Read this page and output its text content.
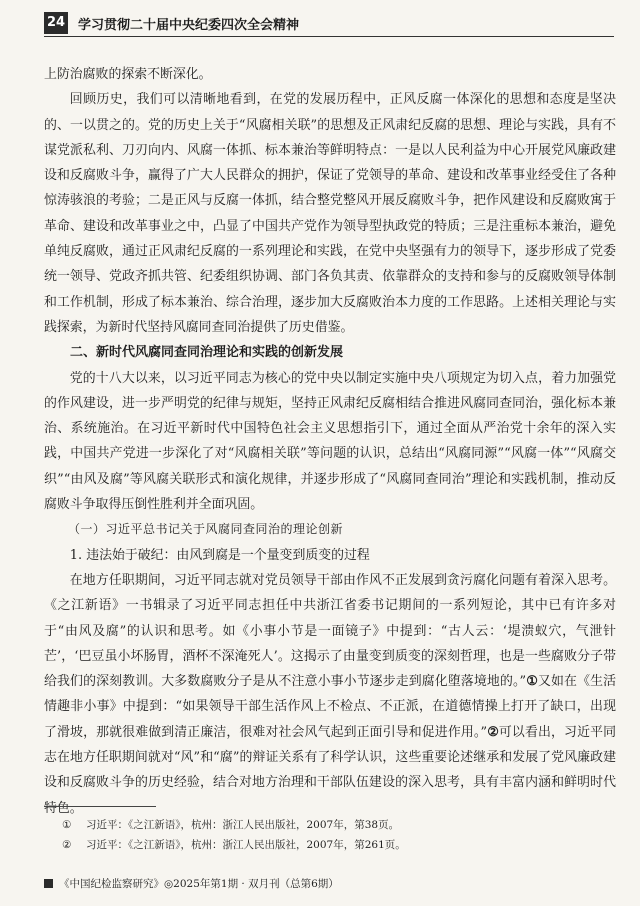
24 学习贯彻二十届中央纪委四次全会精神

上防治腐败的探索不断深化。

回顾历史，我们可以清晰地看到，在党的发展历程中，正风反腐一体深化的思想和态度是坚决的、一以贯之的。党的历史上关于“风腐相关联”的思想及正风肃纪反腐的思想、理论与实践，具有不谋党派私利、刀刃向内、风腐一体抓、标本兼治等鲜明特点：一是以人民利益为中心开展党风廉政建设和反腐败斗争，赢得了广大人民群众的拥护，保证了党领导的革命、建设和改革事业经受住了各种惊涛骇浪的考验；二是正风与反腐一体抓，结合整党整风开展反腐败斗争，把作风建设和反腐败寓于革命、建设和改革事业之中，凸显了中国共产党作为领导型执政党的特质；三是注重标本兼治，避免单纯反腐败，通过正风肃纪反腐的一系列理论和实践，在党中央坚强有力的领导下，逐步形成了党委统一领导、党政齐抓共管、纪委组织协调、部门各负其责、依靠群众的支持和参与的反腐败领导体制和工作机制，形成了标本兼治、综合治理，逐步加大反腐败治本力度的工作思路。上述相关理论与实践探索，为新时代坚持风腐同查同治提供了历史借鉴。

二、新时代风腐同查同治理论和实践的创新发展

党的十八大以来，以习近平同志为核心的党中央以制定实施中央八项规定为切入点，着力加强党的作风建设，进一步严明党的纪律与规矩，坚持正风肃纪反腐相结合推进风腐同查同治，强化标本兼治、系统施治。在习近平新时代中国特色社会主义思想指引下，通过全面从严治党十余年的深入实践，中国共产党进一步深化了对“风腐相关联”等问题的认识，总结出“风腐同源”“风腐一体”“风腐交织”“由风及腐”等风腐关联形式和演化规律，并逐步形成了“风腐同查同治”理论和实践机制，推动反腐败斗争取得压倒性胜利并全面巩固。

（一）习近平总书记关于风腐同查同治的理论创新

1. 违法始于破纪：由风到腐是一个量变到质变的过程

在地方任职期间，习近平同志就对党员领导干部由作风不正发展到贪污腐化问题有着深入思考。《之江新语》一书辑录了习近平同志担任中共浙江省委书记期间的一系列短论，其中已有许多对于“由风及腐”的认识和思考。如《小事小节是一面镜子》中提到：“古人云：‘堤溃蚁穴，气泄针芒’，‘巴豆虽小坏肠胃，酒杯不深淹死人’。这揭示了由量变到质变的深刻哲理，也是一些腐败分子带给我们的深刻教训。大多数腐败分子是从不注意小事小节逐步走到腐化堕落境地的。”①又如在《生活情趣非小事》中提到：“如果领导干部生活作风上不检点、不正派，在道德情操上打开了缺口，出现了滑坡，那就很难做到清正廉洁，很难对社会风气起到正面引导和促进作用。”②可以看出，习近平同志在地方任职期间就对“风”和“腐”的辩证关系有了科学认识，这些重要论述继承和发展了党风廉政建设和反腐败斗争的历史经验，结合对地方治理和干部队伍建设的深入思考，具有丰富内涵和鲜明时代特色。

① 习近平：《之江新语》，杭州：浙江人民出版社，2007年，第38页。
② 习近平：《之江新语》，杭州：浙江人民出版社，2007年，第261页。
《中国纪检监察研究》◎2025年第1期 · 双月刊（总第6期）
